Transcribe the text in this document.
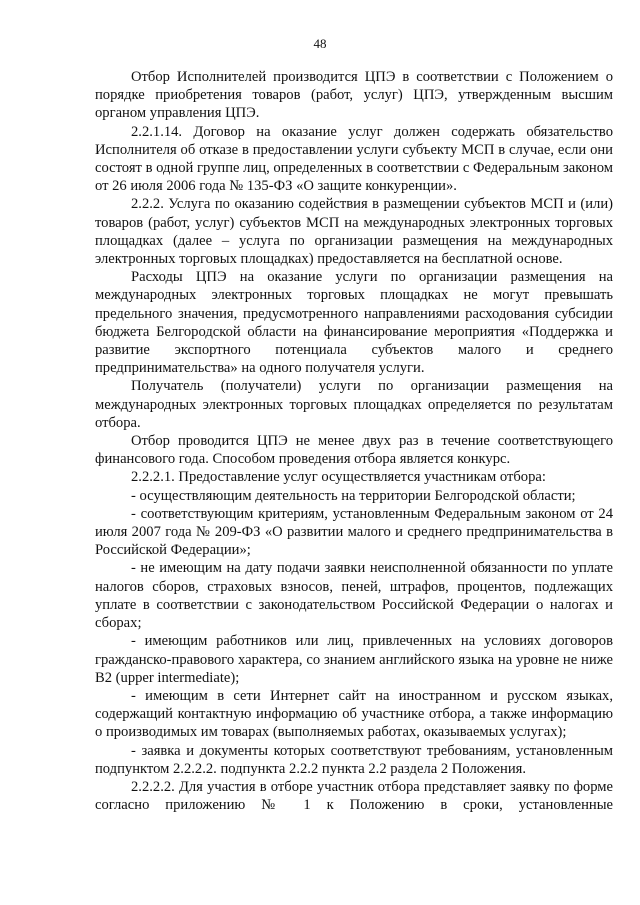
48

Отбор Исполнителей производится ЦПЭ в соответствии с Положением о порядке приобретения товаров (работ, услуг) ЦПЭ, утвержденным высшим органом управления ЦПЭ.

2.2.1.14. Договор на оказание услуг должен содержать обязательство Исполнителя об отказе в предоставлении услуги субъекту МСП в случае, если они состоят в одной группе лиц, определенных в соответствии с Федеральным законом от 26 июля 2006 года № 135-ФЗ «О защите конкуренции».

2.2.2. Услуга по оказанию содействия в размещении субъектов МСП и (или) товаров (работ, услуг) субъектов МСП на международных электронных торговых площадках (далее – услуга по организации размещения на международных электронных торговых площадках) предоставляется на бесплатной основе.

Расходы ЦПЭ на оказание услуги по организации размещения на международных электронных торговых площадках не могут превышать предельного значения, предусмотренного направлениями расходования субсидии бюджета Белгородской области на финансирование мероприятия «Поддержка и развитие экспортного потенциала субъектов малого и среднего предпринимательства» на одного получателя услуги.

Получатель (получатели) услуги по организации размещения на международных электронных торговых площадках определяется по результатам отбора.

Отбор проводится ЦПЭ не менее двух раз в течение соответствующего финансового года. Способом проведения отбора является конкурс.

2.2.2.1. Предоставление услуг осуществляется участникам отбора:

- осуществляющим деятельность на территории Белгородской области;

- соответствующим критериям, установленным Федеральным законом от 24 июля 2007 года № 209-ФЗ «О развитии малого и среднего предпринимательства в Российской Федерации»;

- не имеющим на дату подачи заявки неисполненной обязанности по уплате налогов сборов, страховых взносов, пеней, штрафов, процентов, подлежащих уплате в соответствии с законодательством Российской Федерации о налогах и сборах;

- имеющим работников или лиц, привлеченных на условиях договоров гражданско-правового характера, со знанием английского языка на уровне не ниже В2 (upper intermediate);

- имеющим в сети Интернет сайт на иностранном и русском языках, содержащий контактную информацию об участнике отбора, а также информацию о производимых им товарах (выполняемых работах, оказываемых услугах);

- заявка и документы которых соответствуют требованиям, установленным подпунктом 2.2.2.2. подпункта 2.2.2 пункта 2.2 раздела 2 Положения.

2.2.2.2. Для участия в отборе участник отбора представляет заявку по форме согласно приложению № 1 к Положению в сроки, установленные
